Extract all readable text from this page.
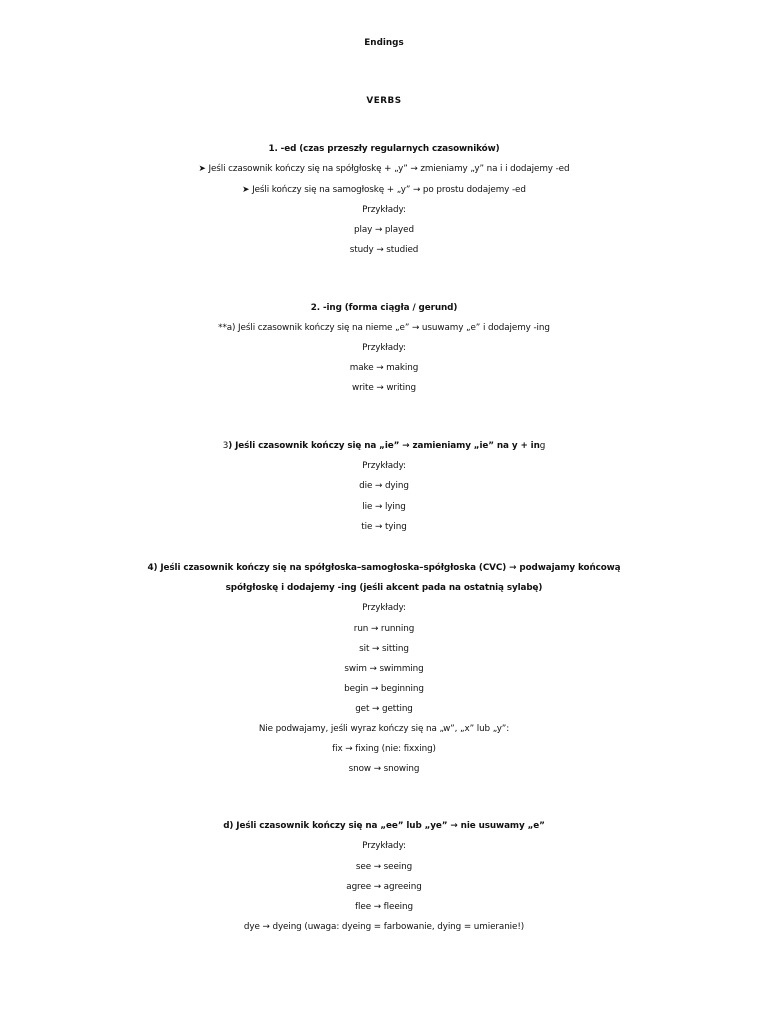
Endings
VERBS
1. -ed (czas przeszły regularnych czasowników)
➤ Jeśli czasownik kończy się na spółgłoskę + „y” → zmieniamy „y” na i i dodajemy -ed
➤ Jeśli kończy się na samogłoskę + „y” → po prostu dodajemy -ed
Przykłady:
play → played
study → studied
2. -ing (forma ciągła / gerund)
**a) Jeśli czasownik kończy się na nieme „e” → usuwamy „e” i dodajemy -ing
Przykłady:
make → making
write → writing
3) Jeśli czasownik kończy się na „ie” → zamieniamy „ie” na y + ing
Przykłady:
die → dying
lie → lying
tie → tying
4) Jeśli czasownik kończy się na spółgłoska–samogłoska–spółgłoska (CVC) → podwajamy końcową
spółgłoskę i dodajemy -ing (jeśli akcent pada na ostatnią sylabę)
Przykłady:
run → running
sit → sitting
swim → swimming
begin → beginning
get → getting
Nie podwajamy, jeśli wyraz kończy się na „w”, „x” lub „y”:
fix → fixing (nie: fixxing)
snow → snowing
d) Jeśli czasownik kończy się na „ee” lub „ye” → nie usuwamy „e”
Przykłady:
see → seeing
agree → agreeing
flee → fleeing
dye → dyeing (uwaga: dyeing = farbowanie, dying = umieranie!)
